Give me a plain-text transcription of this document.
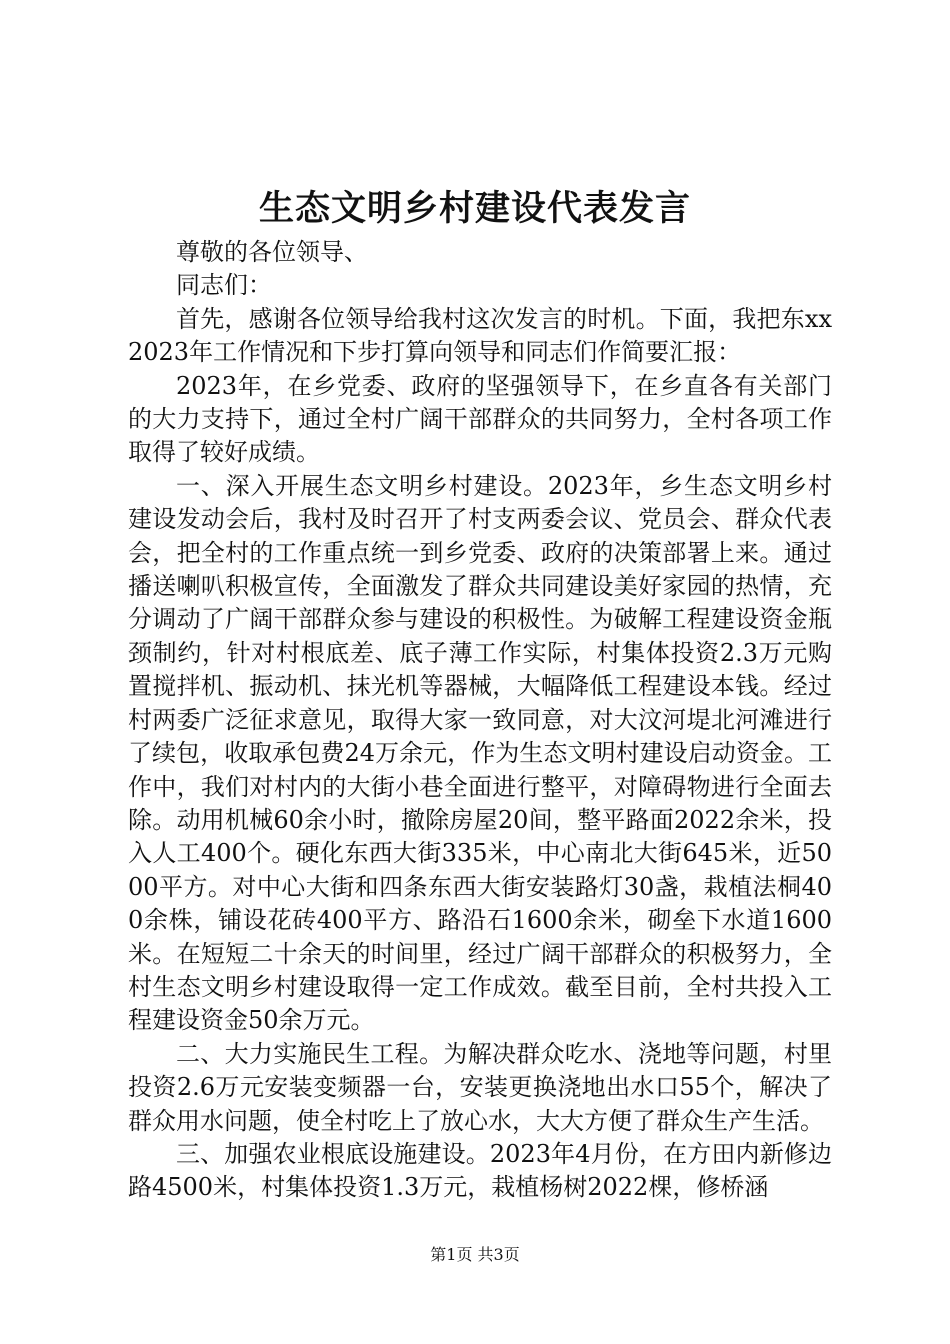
生态文明乡村建设代表发言

尊敬的各位领导、

同志们：

首先，感谢各位领导给我村这次发言的时机。下面，我把东xx2023年工作情况和下步打算向领导和同志们作简要汇报：

2023年，在乡党委、政府的坚强领导下，在乡直各有关部门的大力支持下，通过全村广阔干部群众的共同努力，全村各项工作取得了较好成绩。

一、深入开展生态文明乡村建设。2023年，乡生态文明乡村建设发动会后，我村及时召开了村支两委会议、党员会、群众代表会，把全村的工作重点统一到乡党委、政府的决策部署上来。通过播送喇叭积极宣传，全面激发了群众共同建设美好家园的热情，充分调动了广阔干部群众参与建设的积极性。为破解工程建设资金瓶颈制约，针对村根底差、底子薄工作实际，村集体投资2.3万元购置搅拌机、振动机、抹光机等器械，大幅降低工程建设本钱。经过村两委广泛征求意见，取得大家一致同意，对大汶河堤北河滩进行了续包，收取承包费24万余元，作为生态文明村建设启动资金。工作中，我们对村内的大街小巷全面进行整平，对障碍物进行全面去除。动用机械60余小时，撤除房屋20间，整平路面2022余米，投入人工400个。硬化东西大街335米，中心南北大街645米，近5000平方。对中心大街和四条东西大街安装路灯30盏，栽植法桐400余株，铺设花砖400平方、路沿石1600余米，砌垒下水道1600米。在短短二十余天的时间里，经过广阔干部群众的积极努力，全村生态文明乡村建设取得一定工作成效。截至目前，全村共投入工程建设资金50余万元。

二、大力实施民生工程。为解决群众吃水、浇地等问题，村里投资2.6万元安装变频器一台，安装更换浇地出水口55个，解决了群众用水问题，使全村吃上了放心水，大大方便了群众生产生活。

三、加强农业根底设施建设。2023年4月份，在方田内新修边路4500米，村集体投资1.3万元，栽植杨树2022棵，修桥涵

第1页 共3页
